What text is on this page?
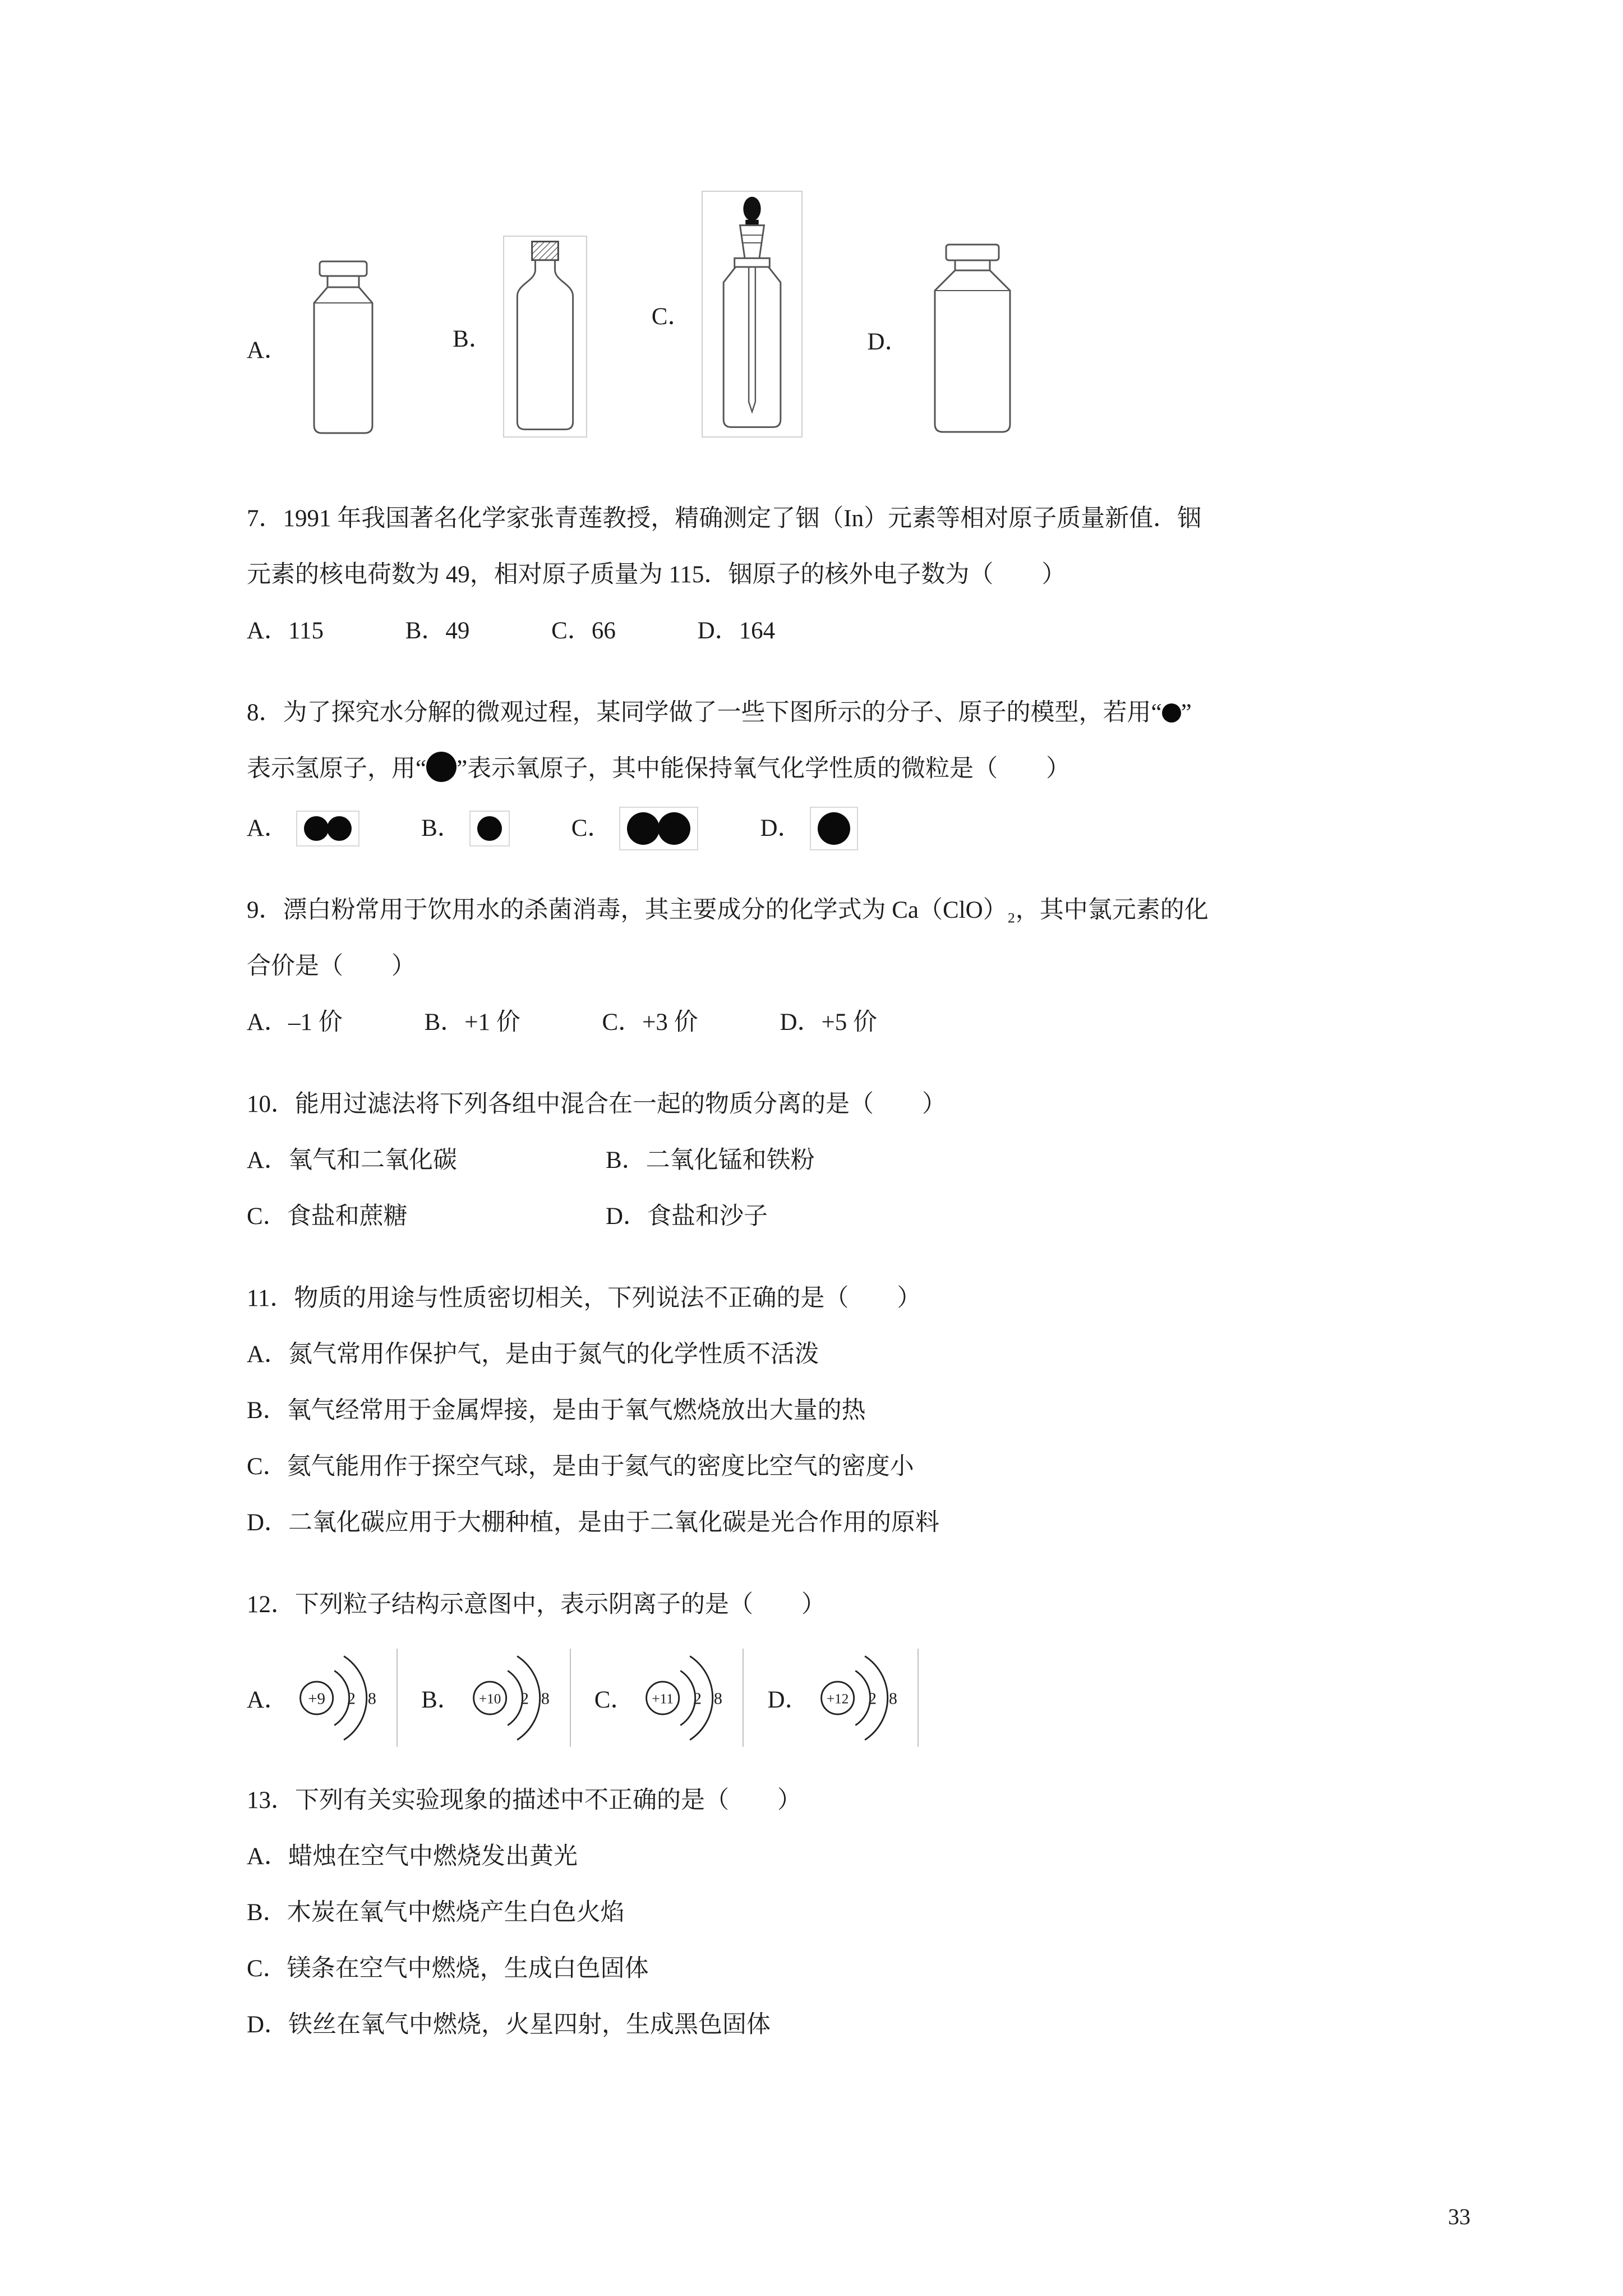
A．	B．
C．
D．

7．1991 年我国著名化学家张青莲教授，精确测定了铟（In）元素等相对原子质量新值．铟

元素的核电荷数为 49，相对原子质量为 115．铟原子的核外电子数为（　　）

A．115	B．49	C．66	D．164

8．为了探究水分解的微观过程，某同学做了一些下图所示的分子、原子的模型，若用“ ”

表示氢原子，用“ ”表示氧原子，其中能保持氧气化学性质的微粒是（　　）

A．	B．	C．	D．

9．漂白粉常用于饮用水的杀菌消毒，其主要成分的化学式为 Ca（ClO）₂，其中氯元素的化

合价是（　　）

A．–1 价	B．+1 价	C．+3 价	D．+5 价

10．能用过滤法将下列各组中混合在一起的物质分离的是（　　）

A．氧气和二氧化碳	B．二氧化锰和铁粉
C．食盐和蔗糖	D．食盐和沙子

11．物质的用途与性质密切相关，下列说法不正确的是（　　）

A．氮气常用作保护气，是由于氮气的化学性质不活泼

B．氧气经常用于金属焊接，是由于氧气燃烧放出大量的热

C．氦气能用作于探空气球，是由于氦气的密度比空气的密度小

D．二氧化碳应用于大棚种植，是由于二氧化碳是光合作用的原料

12．下列粒子结构示意图中，表示阴离子的是（　　）

A． +9 2 8 B． +10 2 8 C． +11 2 8 D． +12 2 8

13．下列有关实验现象的描述中不正确的是（　　）

A．蜡烛在空气中燃烧发出黄光

B．木炭在氧气中燃烧产生白色火焰

C．镁条在空气中燃烧，生成白色固体

D．铁丝在氧气中燃烧，火星四射，生成黑色固体

33
